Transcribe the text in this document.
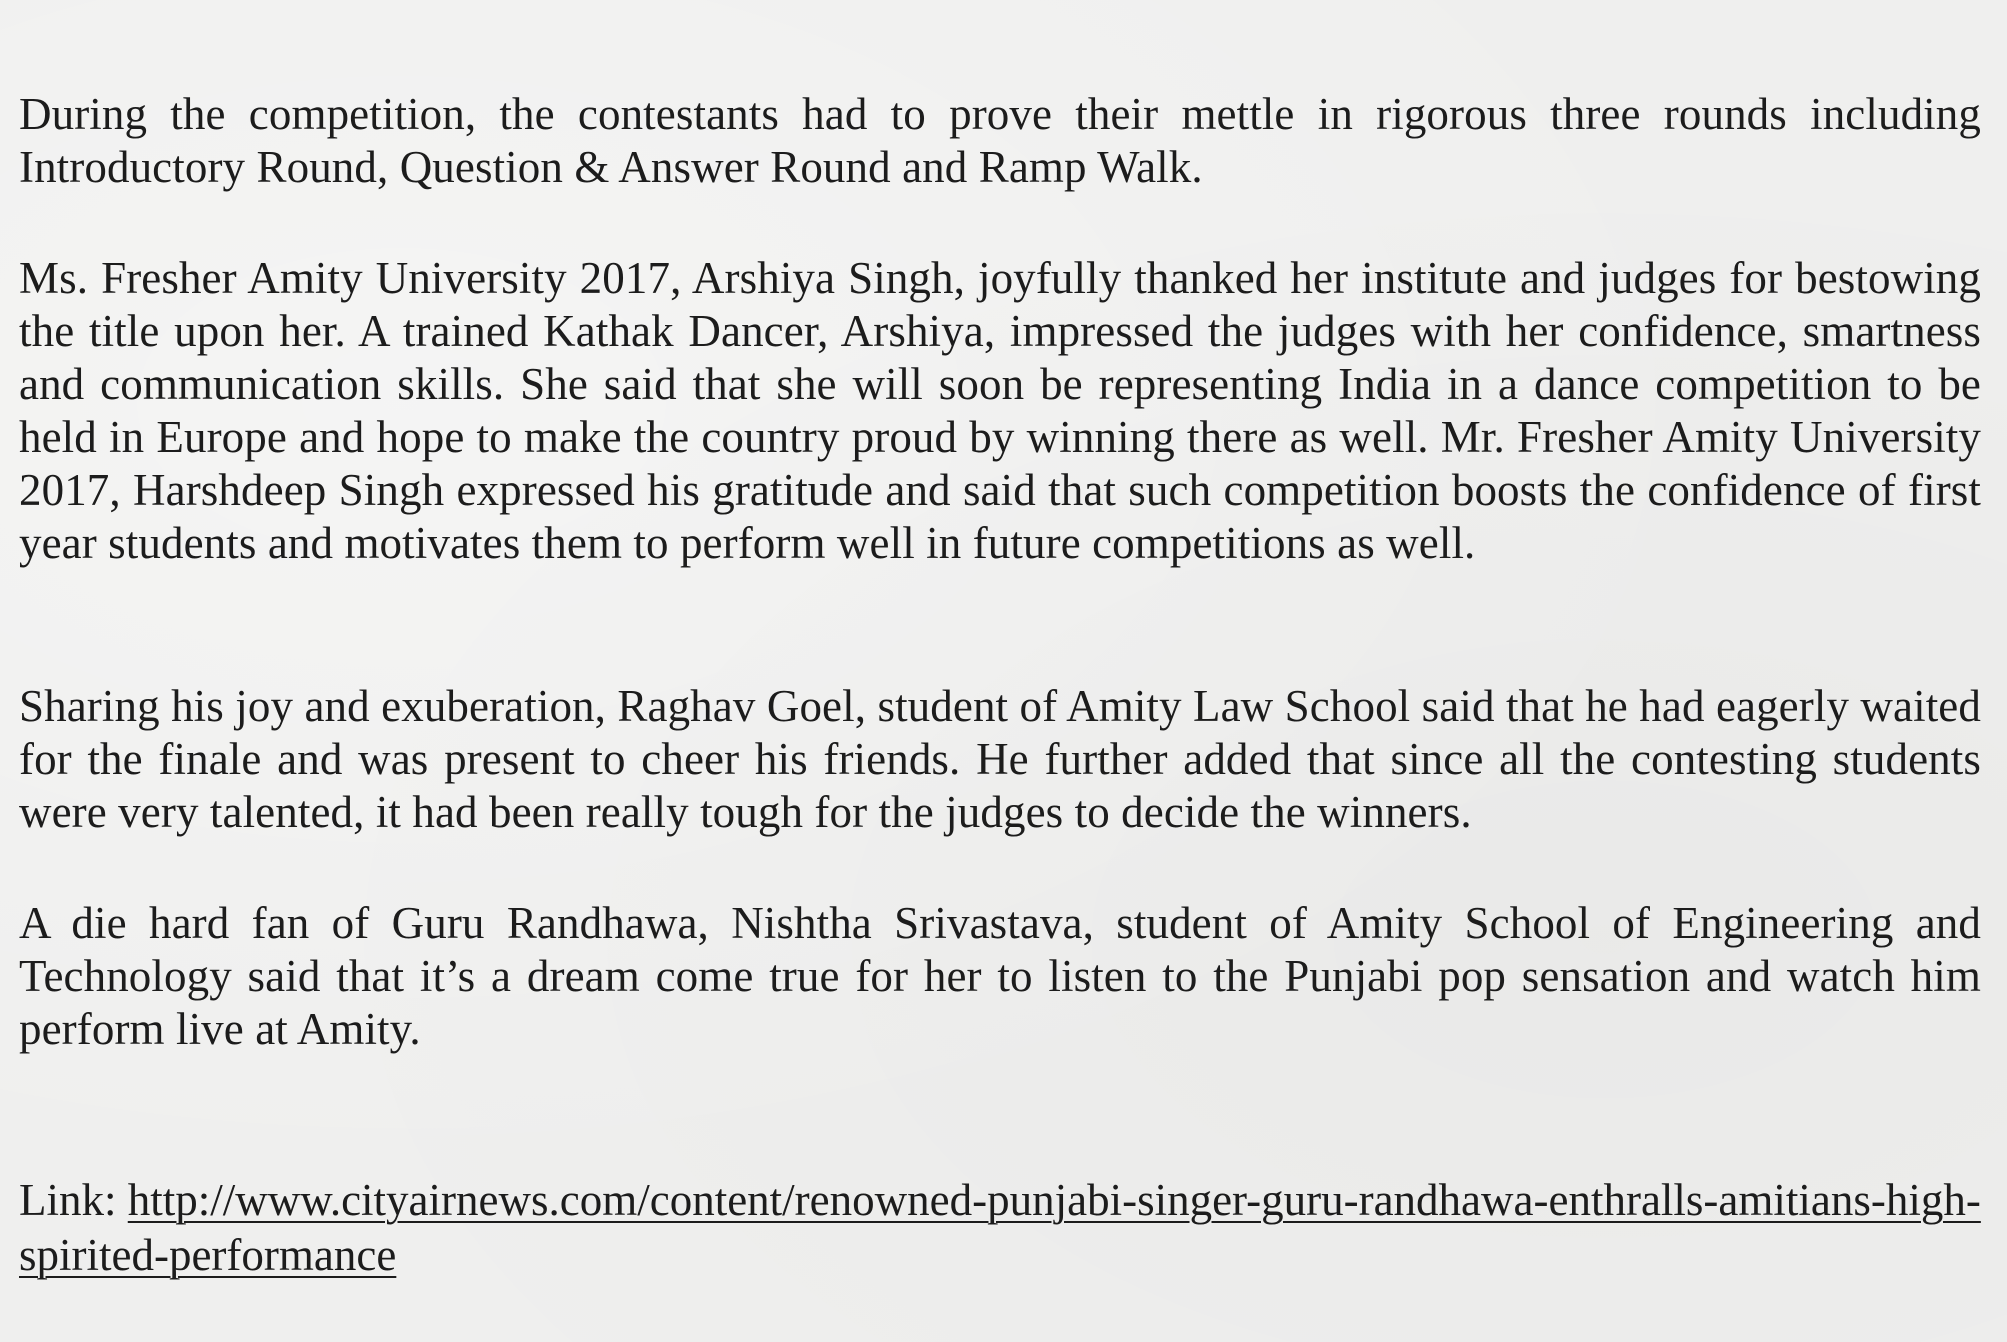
During the competition, the contestants had to prove their mettle in rigorous three rounds including Introductory Round, Question & Answer Round and Ramp Walk.

Ms. Fresher Amity University 2017, Arshiya Singh, joyfully thanked her institute and judges for bestowing the title upon her. A trained Kathak Dancer, Arshiya, impressed the judges with her confidence, smartness and communication skills. She said that she will soon be representing India in a dance competition to be held in Europe and hope to make the country proud by winning there as well. Mr. Fresher Amity University 2017, Harshdeep Singh expressed his gratitude and said that such competition boosts the confidence of first year students and motivates them to perform well in future competitions as well.

Sharing his joy and exuberation, Raghav Goel, student of Amity Law School said that he had eagerly waited for the finale and was present to cheer his friends. He further added that since all the contesting students were very talented, it had been really tough for the judges to decide the winners.

A die hard fan of Guru Randhawa, Nishtha Srivastava, student of Amity School of Engineering and Technology said that it’s a dream come true for her to listen to the Punjabi pop sensation and watch him perform live at Amity.

Link: http://www.cityairnews.com/content/renowned-punjabi-singer-guru-randhawa-enthralls-amitians-high-spirited-performance
